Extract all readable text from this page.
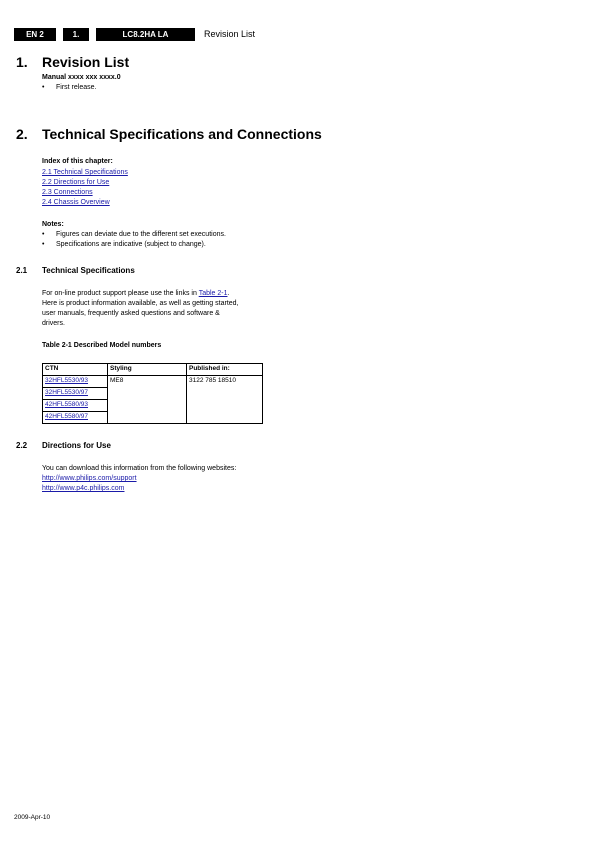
EN 2	1.	LC8.2HA LA	Revision List
1. Revision List
Manual xxxx xxx xxxx.0
• First release.
2. Technical Specifications and Connections
Index of this chapter:
2.1 Technical Specifications
2.2 Directions for Use
2.3 Connections
2.4 Chassis Overview
Notes:
• Figures can deviate due to the different set executions.
• Specifications are indicative (subject to change).
2.1 Technical Specifications
For on-line product support please use the links in Table 2-1.
Here is product information available, as well as getting started,
user manuals, frequently asked questions and software &
drivers.
Table 2-1 Described Model numbers
CTN	Styling	Published in:
32HFL5530/93	ME8	3122 785 18510
32HFL5530/97		
42HFL5580/93		
42HFL5580/97		
2.2 Directions for Use
You can download this information from the following websites:
http://www.philips.com/support
http://www.p4c.philips.com
2009-Apr-10
